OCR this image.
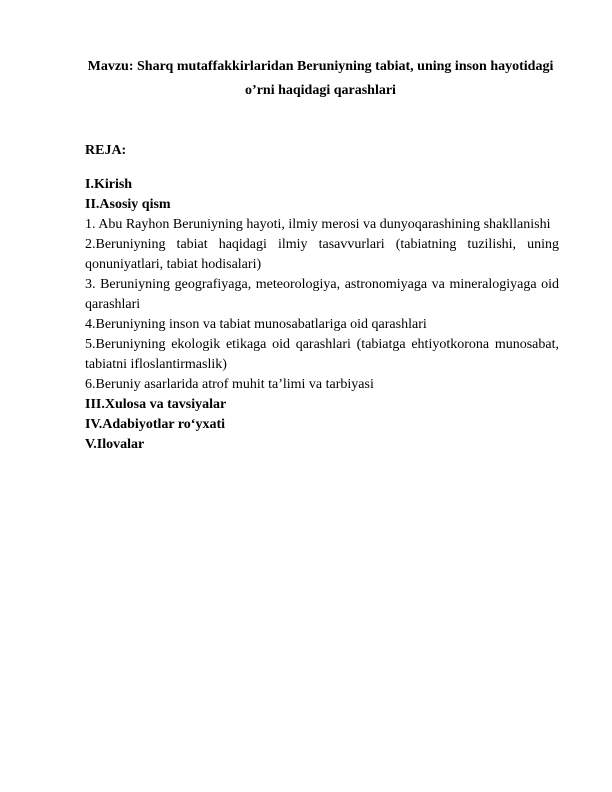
Mavzu: Sharq mutaffakkirlaridan Beruniyning tabiat, uning inson hayotidagi o’rni haqidagi qarashlari
REJA:
I.Kirish
II.Asosiy qism
1. Abu Rayhon Beruniyning hayoti, ilmiy merosi va dunyoqarashining shakllanishi
2.Beruniyning tabiat haqidagi ilmiy tasavvurlari (tabiatning tuzilishi, uning qonuniyatlari, tabiat hodisalari)
3. Beruniyning geografiyaga, meteorologiya, astronomiyaga va mineralogiyaga oid qarashlari
4.Beruniyning inson va tabiat munosabatlariga oid qarashlari
5.Beruniyning ekologik etikaga oid qarashlari (tabiatga ehtiyotkorona munosabat, tabiatni ifloslantirmaslik)
6.Beruniy asarlarida atrof muhit ta’limi va tarbiyasi
III.Xulosa va tavsiyalar
IV.Adabiyotlar ro‘yxati
V.Ilovalar
